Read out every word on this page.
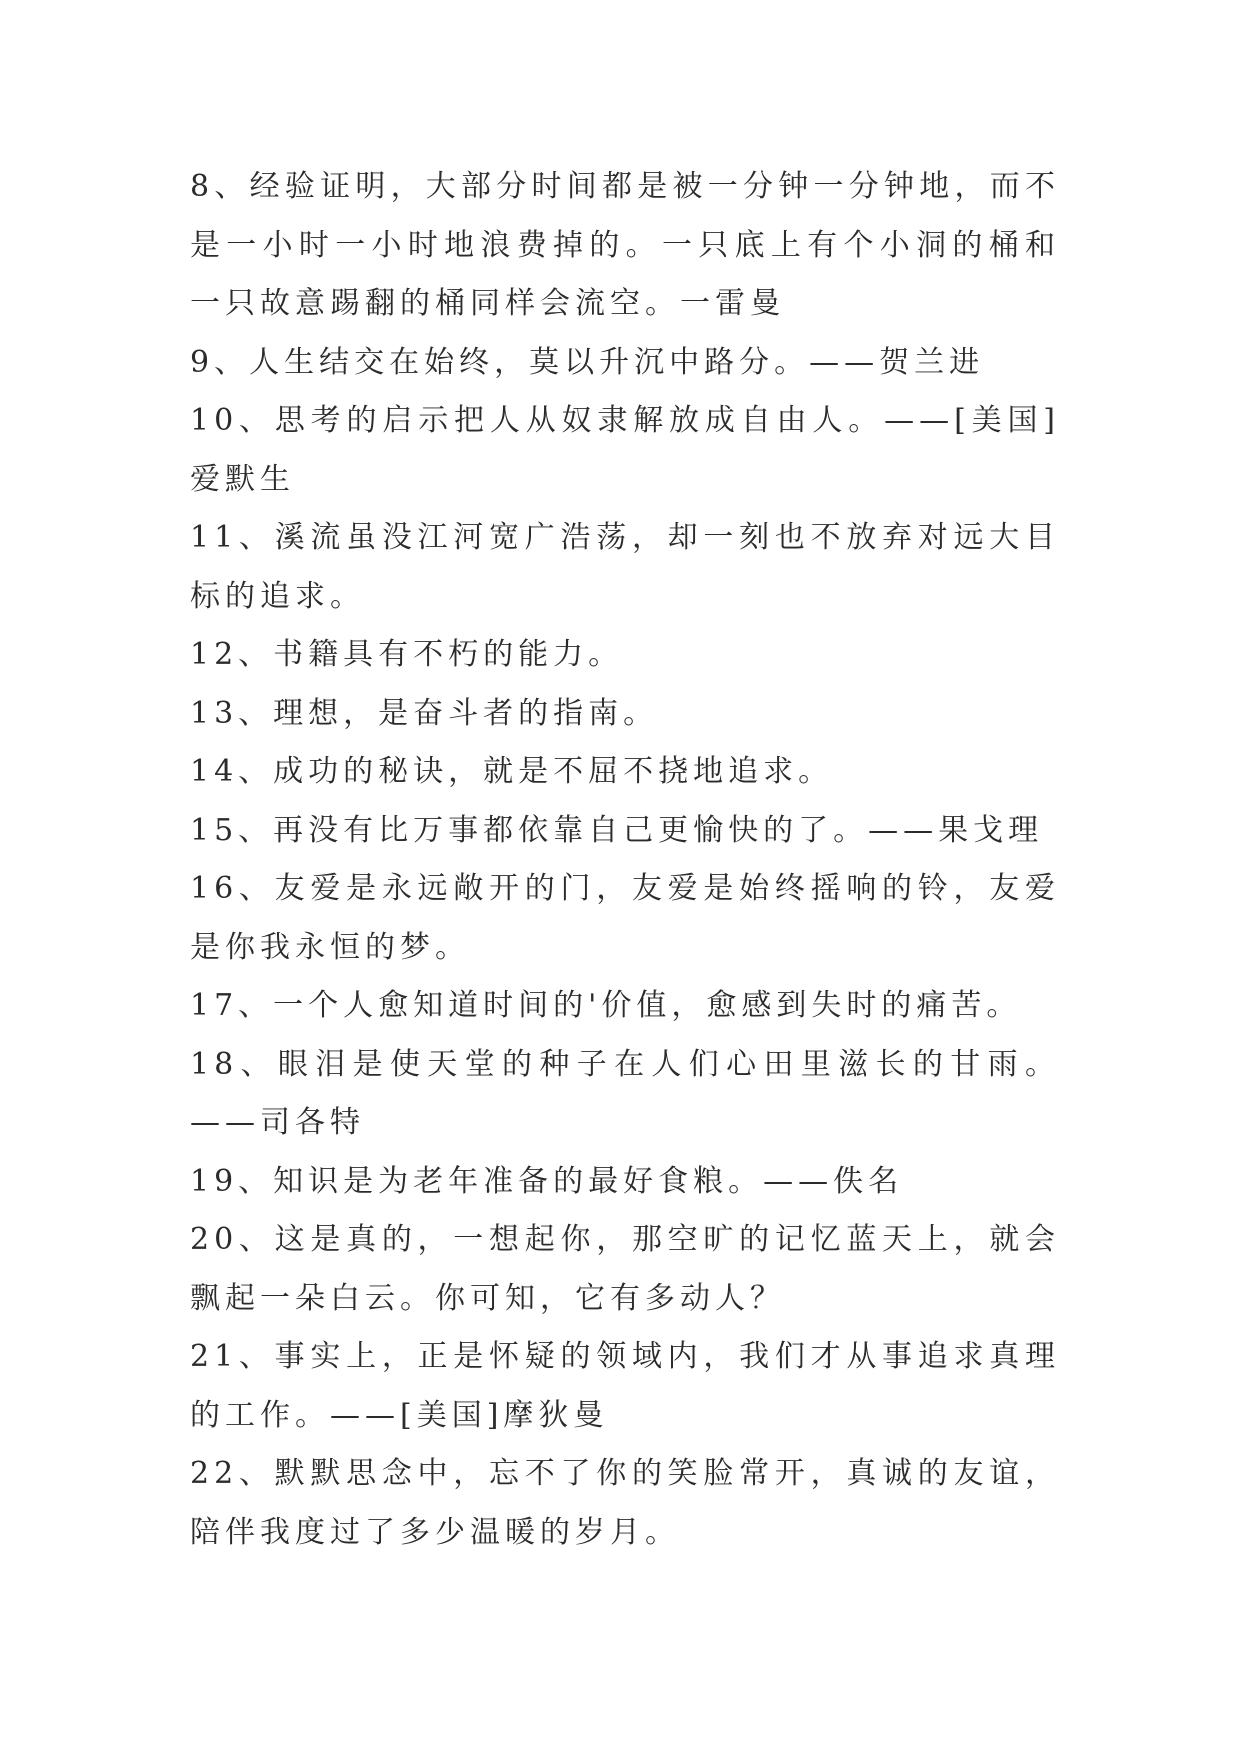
8、经验证明，大部分时间都是被一分钟一分钟地，而不是一小时一小时地浪费掉的。一只底上有个小洞的桶和一只故意踢翻的桶同样会流空。一雷曼

9、人生结交在始终，莫以升沉中路分。——贺兰进

10、思考的启示把人从奴隶解放成自由人。——[美国]爱默生

11、溪流虽没江河宽广浩荡，却一刻也不放弃对远大目标的追求。

12、书籍具有不朽的能力。

13、理想，是奋斗者的指南。

14、成功的秘诀，就是不屈不挠地追求。

15、再没有比万事都依靠自己更愉快的了。——果戈理

16、友爱是永远敞开的门，友爱是始终摇响的铃，友爱是你我永恒的梦。

17、一个人愈知道时间的'价值，愈感到失时的痛苦。

18、眼泪是使天堂的种子在人们心田里滋长的甘雨。——司各特

19、知识是为老年准备的最好食粮。——佚名

20、这是真的，一想起你，那空旷的记忆蓝天上，就会飘起一朵白云。你可知，它有多动人？

21、事实上，正是怀疑的领域内，我们才从事追求真理的工作。——[美国]摩狄曼

22、默默思念中，忘不了你的笑脸常开，真诚的友谊，陪伴我度过了多少温暖的岁月。
